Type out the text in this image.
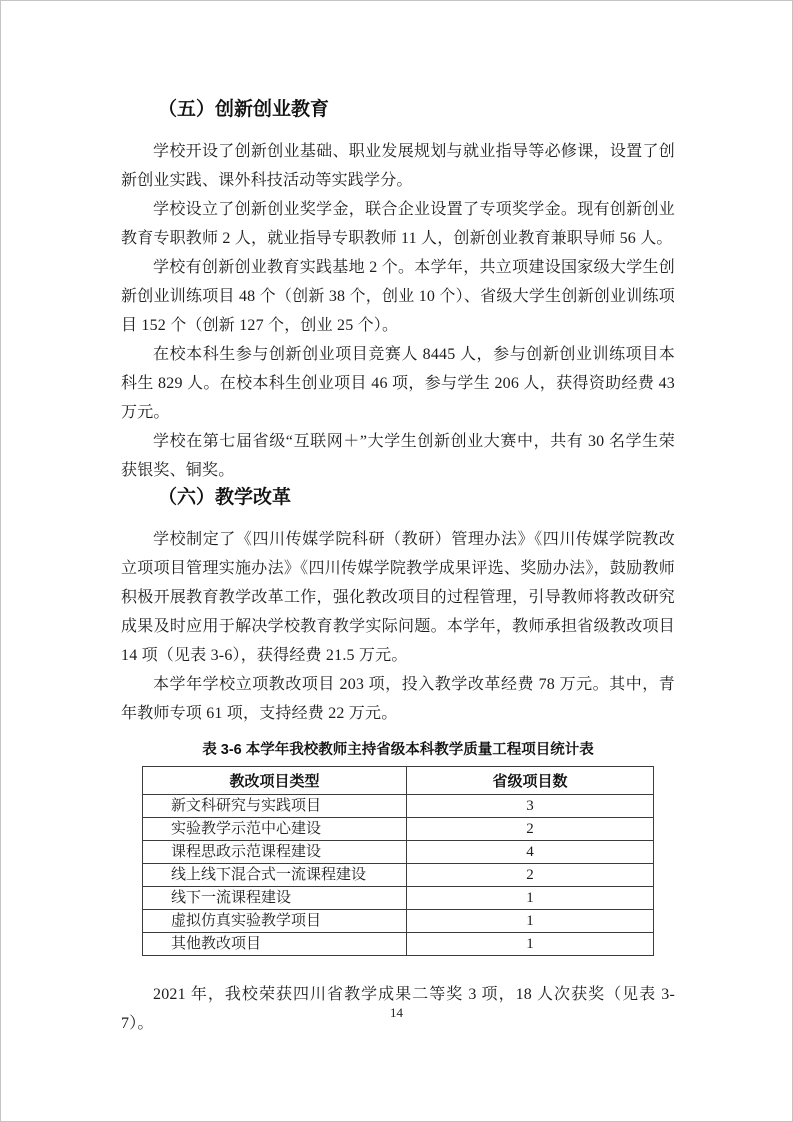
（五）创新创业教育

学校开设了创新创业基础、职业发展规划与就业指导等必修课，设置了创新创业实践、课外科技活动等实践学分。

学校设立了创新创业奖学金，联合企业设置了专项奖学金。现有创新创业教育专职教师 2 人，就业指导专职教师 11 人，创新创业教育兼职导师 56 人。

学校有创新创业教育实践基地 2 个。本学年，共立项建设国家级大学生创新创业训练项目 48 个（创新 38 个，创业 10 个）、省级大学生创新创业训练项目 152 个（创新 127 个，创业 25 个）。

在校本科生参与创新创业项目竞赛人 8445 人，参与创新创业训练项目本科生 829 人。在校本科生创业项目 46 项，参与学生 206 人，获得资助经费 43 万元。

学校在第七届省级“互联网＋”大学生创新创业大赛中，共有 30 名学生荣获银奖、铜奖。

（六）教学改革

学校制定了《四川传媒学院科研（教研）管理办法》《四川传媒学院教改立项项目管理实施办法》《四川传媒学院教学成果评选、奖励办法》，鼓励教师积极开展教育教学改革工作，强化教改项目的过程管理，引导教师将教改研究成果及时应用于解决学校教育教学实际问题。本学年，教师承担省级教改项目 14 项（见表 3-6），获得经费 21.5 万元。

本学年学校立项教改项目 203 项，投入教学改革经费 78 万元。其中，青年教师专项 61 项，支持经费 22 万元。

表 3-6 本学年我校教师主持省级本科教学质量工程项目统计表
教改项目类型	省级项目数
新文科研究与实践项目	3
实验教学示范中心建设	2
课程思政示范课程建设	4
线上线下混合式一流课程建设	2
线下一流课程建设	1
虚拟仿真实验教学项目	1
其他教改项目	1

2021 年，我校荣获四川省教学成果二等奖 3 项，18 人次获奖（见表 3-7）。

14
